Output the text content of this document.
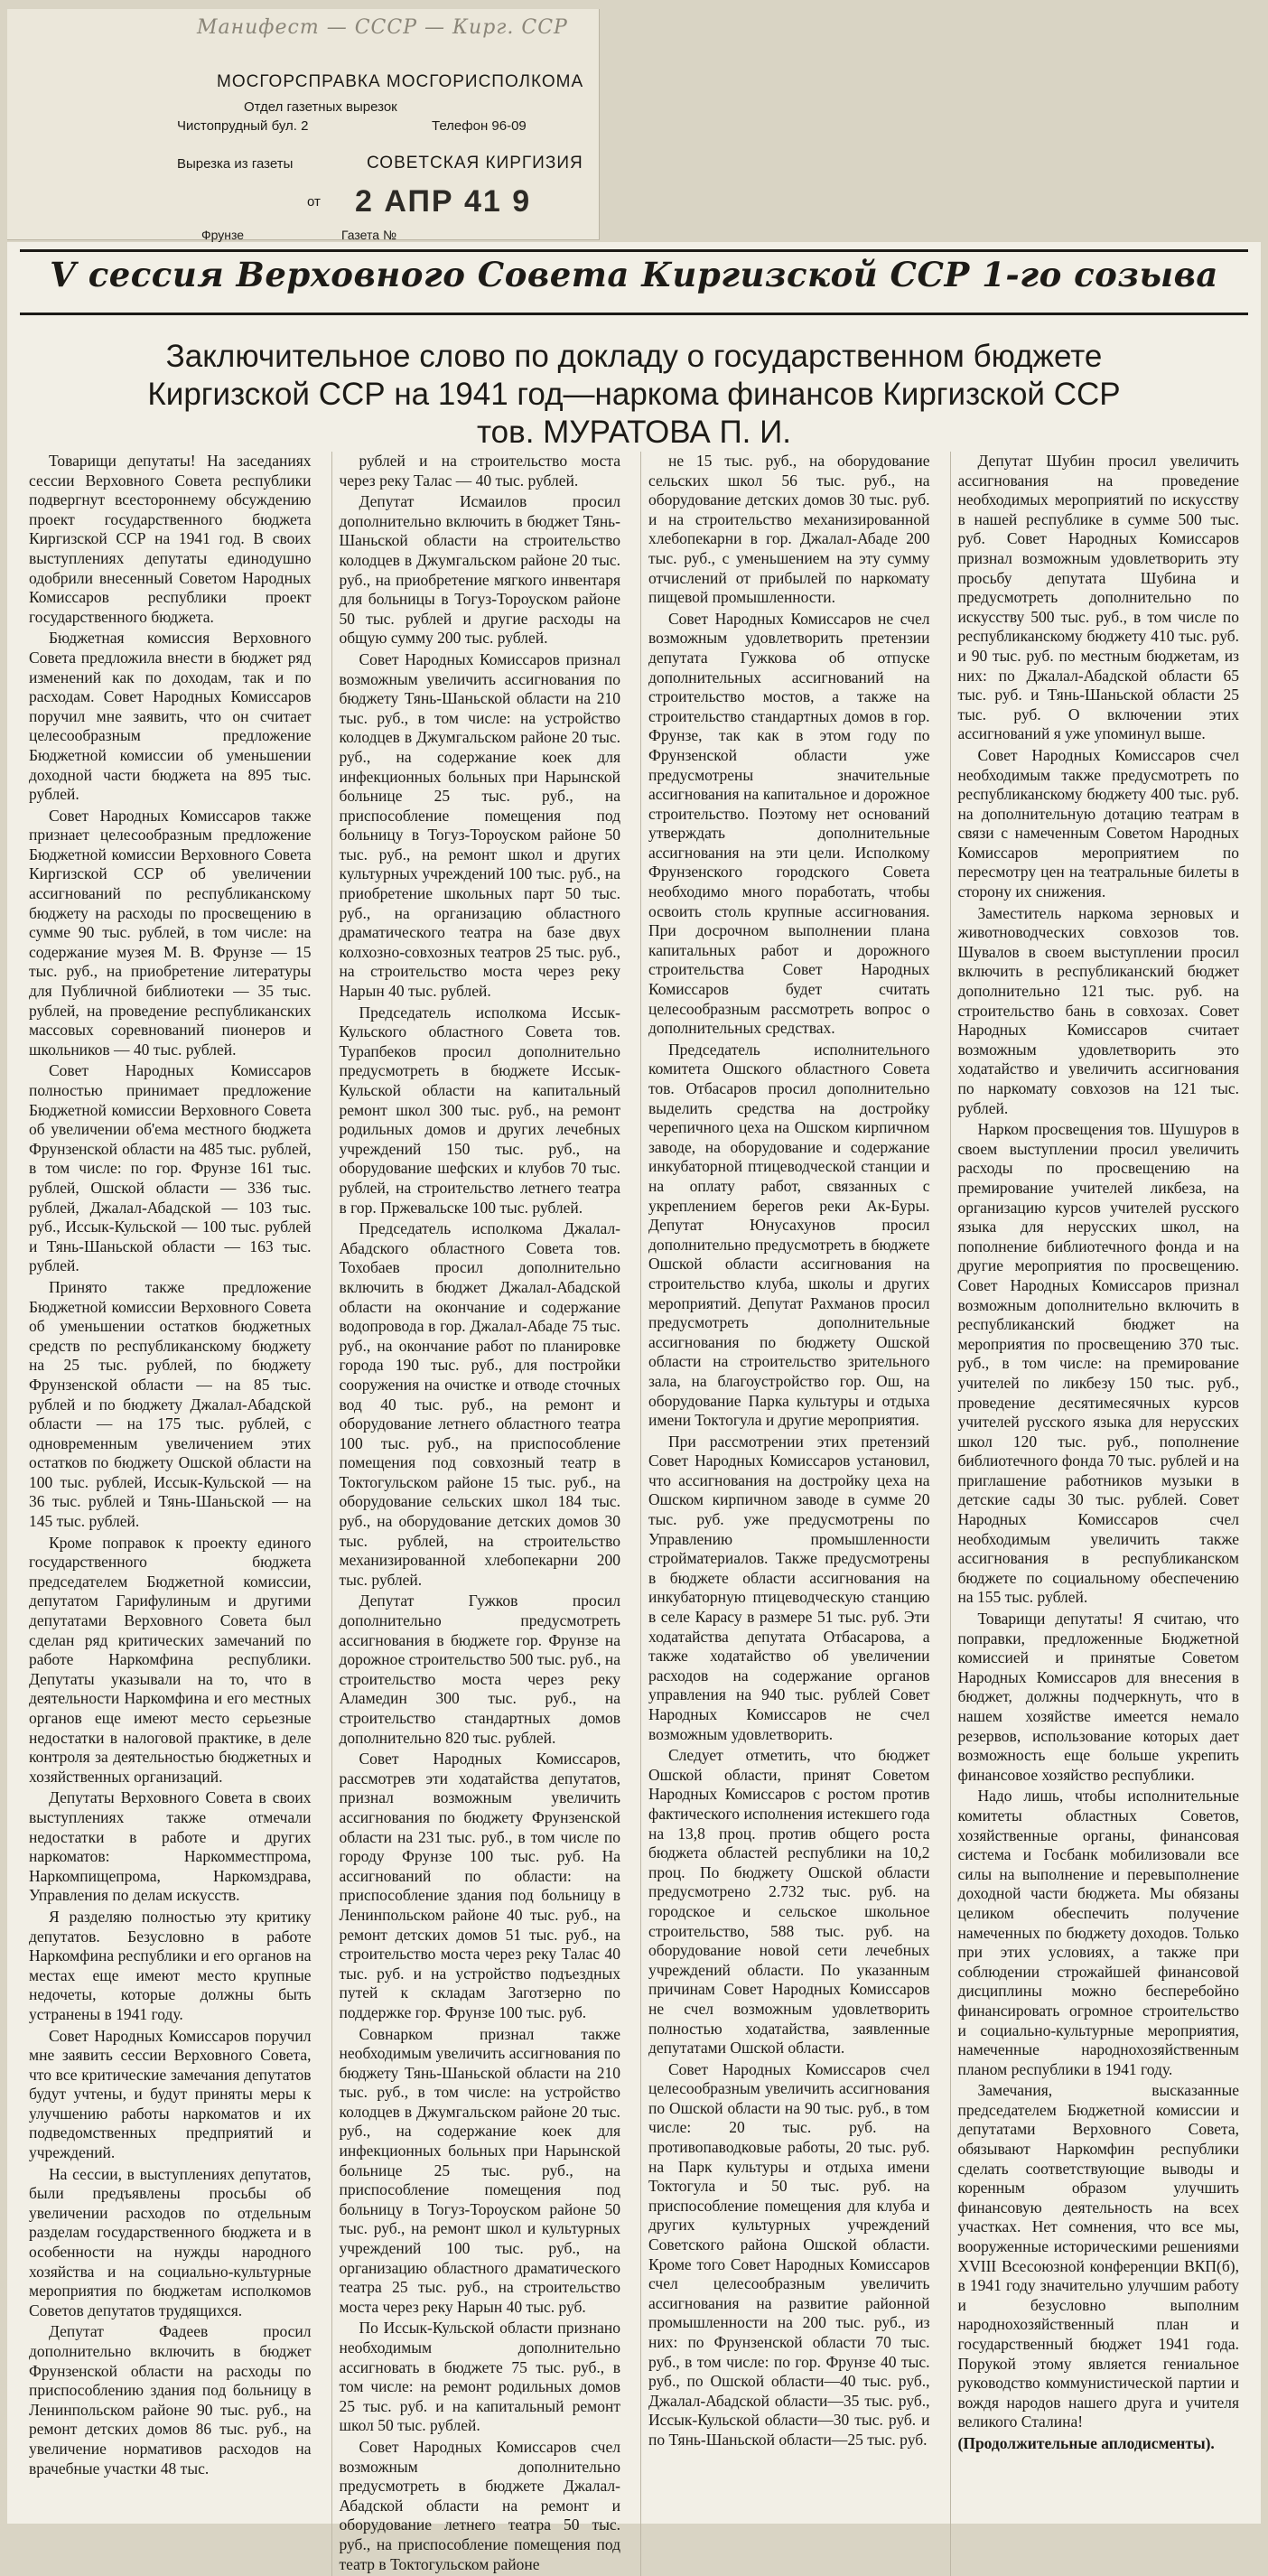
Манифест — СССР — Кирг. ССР
МОСГОРСПРАВКА МОСГОРИСПОЛКОМА
Отдел газетных вырезок
Чистопрудный бул. 2	Телефон 96-09
Вырезка из газеты	СОВЕТСКАЯ КИРГИЗИЯ
от 2 АПР 41 9
Фрунзе	Газета №
V сессия Верховного Совета Киргизской ССР 1-го созыва
Заключительное слово по докладу о государственном бюджете
Киргизской ССР на 1941 год—наркома финансов Киргизской ССР
тов. МУРАТОВА П. И.

Товарищи депутаты! На заседаниях сессии Верховного Совета республики подвергнут всестороннему обсуждению проект государственного бюджета Киргизской ССР на 1941 год. В своих выступлениях депутаты единодушно одобрили внесенный Советом Народных Комиссаров республики проект государственного бюджета.

Бюджетная комиссия Верховного Совета предложила внести в бюджет ряд изменений как по доходам, так и по расходам. Совет Народных Комиссаров поручил мне заявить, что он считает целесообразным предложение Бюджетной комиссии об уменьшении доходной части бюджета на 895 тыс. рублей.

Совет Народных Комиссаров также признает целесообразным предложение Бюджетной комиссии Верховного Совета Киргизской ССР об увеличении ассигнований по республиканскому бюджету на расходы по просвещению в сумме 90 тыс. рублей, в том числе: на содержание музея М. В. Фрунзе — 15 тыс. руб., на приобретение литературы для Публичной библиотеки — 35 тыс. рублей, на проведение республиканских массовых соревнований пионеров и школьников — 40 тыс. рублей.

Совет Народных Комиссаров полностью принимает предложение Бюджетной комиссии Верховного Совета об увеличении об'ема местного бюджета Фрунзенской области на 485 тыс. рублей, в том числе: по гор. Фрунзе 161 тыс. рублей, Ошской области — 336 тыс. рублей, Джалал-Абадской — 103 тыс. руб., Иссык-Кульской — 100 тыс. рублей и Тянь-Шаньской области — 163 тыс. рублей.

Принято также предложение Бюджетной комиссии Верховного Совета об уменьшении остатков бюджетных средств по республиканскому бюджету на 25 тыс. рублей, по бюджету Фрунзенской области — на 85 тыс. рублей и по бюджету Джалал-Абадской области — на 175 тыс. рублей, с одновременным увеличением этих остатков по бюджету Ошской области на 100 тыс. рублей, Иссык-Кульской — на 36 тыс. рублей и Тянь-Шаньской — на 145 тыс. рублей.

Кроме поправок к проекту единого государственного бюджета председателем Бюджетной комиссии, депутатом Гарифулиным и другими депутатами Верховного Совета был сделан ряд критических замечаний по работе Наркомфина республики. Депутаты указывали на то, что в деятельности Наркомфина и его местных органов еще имеют место серьезные недостатки в налоговой практике, в деле контроля за деятельностью бюджетных и хозяйственных организаций.

Депутаты Верховного Совета в своих выступлениях также отмечали недостатки в работе и других наркоматов: Наркомместпрома, Наркомпищепрома, Наркомздрава, Управления по делам искусств.

Я разделяю полностью эту критику депутатов. Безусловно в работе Наркомфина республики и его органов на местах еще имеют место крупные недочеты, которые должны быть устранены в 1941 году.

Совет Народных Комиссаров поручил мне заявить сессии Верховного Совета, что все критические замечания депутатов будут учтены, и будут приняты меры к улучшению работы наркоматов и их подведомственных предприятий и учреждений.

На сессии, в выступлениях депутатов, были предъявлены просьбы об увеличении расходов по отдельным разделам государственного бюджета и в особенности на нужды народного хозяйства и на социально-культурные мероприятия по бюджетам исполкомов Советов депутатов трудящихся.

Депутат Фадеев просил дополнительно включить в бюджет Фрунзенской области на расходы по приспособлению здания под больницу в Ленинпольском районе 90 тыс. руб., на ремонт детских домов 86 тыс. руб., на увеличение нормативов расходов на врачебные участки 48 тыс.

рублей и на строительство моста через реку Талас — 40 тыс. рублей.

Депутат Исмаилов просил дополнительно включить в бюджет Тянь-Шаньской области на строительство колодцев в Джумгальском районе 20 тыс. руб., на приобретение мягкого инвентаря для больницы в Тогуз-Тороуском районе 50 тыс. рублей и другие расходы на общую сумму 200 тыс. рублей.

Совет Народных Комиссаров признал возможным увеличить ассигнования по бюджету Тянь-Шаньской области на 210 тыс. руб., в том числе: на устройство колодцев в Джумгальском районе 20 тыс. руб., на содержание коек для инфекционных больных при Нарынской больнице 25 тыс. руб., на приспособление помещения под больницу в Тогуз-Тороуском районе 50 тыс. руб., на ремонт школ и других культурных учреждений 100 тыс. руб., на приобретение школьных парт 50 тыс. руб., на организацию областного драматического театра на базе двух колхозно-совхозных театров 25 тыс. руб., на строительство моста через реку Нарын 40 тыс. рублей.

Председатель исполкома Иссык-Кульского областного Совета тов. Турапбеков просил дополнительно предусмотреть в бюджете Иссык-Кульской области на капитальный ремонт школ 300 тыс. руб., на ремонт родильных домов и других лечебных учреждений 150 тыс. руб., на оборудование шефских и клубов 70 тыс. рублей, на строительство летнего театра в гор. Пржевальске 100 тыс. рублей.

Председатель исполкома Джалал-Абадского областного Совета тов. Тохобаев просил дополнительно включить в бюджет Джалал-Абадской области на окончание и содержание водопровода в гор. Джалал-Абаде 75 тыс. руб., на окончание работ по планировке города 190 тыс. руб., для постройки сооружения на очистке и отводе сточных вод 40 тыс. руб., на ремонт и оборудование летнего областного театра 100 тыс. руб., на приспособление помещения под совхозный театр в Токтогульском районе 15 тыс. руб., на оборудование сельских школ 184 тыс. руб., на оборудование детских домов 30 тыс. рублей, на строительство механизированной хлебопекарни 200 тыс. рублей.

Депутат Гужков просил дополнительно предусмотреть ассигнования в бюджете гор. Фрунзе на дорожное строительство 500 тыс. руб., на строительство моста через реку Аламедин 300 тыс. руб., на строительство стандартных домов дополнительно 820 тыс. рублей.

Совет Народных Комиссаров, рассмотрев эти ходатайства депутатов, признал возможным увеличить ассигнования по бюджету Фрунзенской области на 231 тыс. руб., в том числе по городу Фрунзе 100 тыс. руб. На ассигнований по области: на приспособление здания под больницу в Ленинпольском районе 40 тыс. руб., на ремонт детских домов 51 тыс. руб., на строительство моста через реку Талас 40 тыс. руб. и на устройство подъездных путей к складам Заготзерно по поддержке гор. Фрунзе 100 тыс. руб.

Совнарком признал также необходимым увеличить ассигнования по бюджету Тянь-Шаньской области на 210 тыс. руб., в том числе: на устройство колодцев в Джумгальском районе 20 тыс. руб., на содержание коек для инфекционных больных при Нарынской больнице 25 тыс. руб., на приспособление помещения под больницу в Тогуз-Тороуском районе 50 тыс. руб., на ремонт школ и культурных учреждений 100 тыс. руб., на организацию областного драматического театра 25 тыс. руб., на строительство моста через реку Нарын 40 тыс. руб.

По Иссык-Кульской области признано необходимым дополнительно ассигновать в бюджете 75 тыс. руб., в том числе: на ремонт родильных домов 25 тыс. руб. и на капитальный ремонт школ 50 тыс. рублей.

Совет Народных Комиссаров счел возможным дополнительно предусмотреть в бюджете Джалал-Абадской области на ремонт и оборудование летнего театра 50 тыс. руб., на приспособление помещения под театр в Токтогульском районе

не 15 тыс. руб., на оборудование сельских школ 56 тыс. руб., на оборудование детских домов 30 тыс. руб. и на строительство механизированной хлебопекарни в гор. Джалал-Абаде 200 тыс. руб., с уменьшением на эту сумму отчислений от прибылей по наркомату пищевой промышленности.

Совет Народных Комиссаров не счел возможным удовлетворить претензии депутата Гужкова об отпуске дополнительных ассигнований на строительство мостов, а также на строительство стандартных домов в гор. Фрунзе, так как в этом году по Фрунзенской области уже предусмотрены значительные ассигнования на капитальное и дорожное строительство. Поэтому нет оснований утверждать дополнительные ассигнования на эти цели. Исполкому Фрунзенского городского Совета необходимо много поработать, чтобы освоить столь крупные ассигнования. При досрочном выполнении плана капитальных работ и дорожного строительства Совет Народных Комиссаров будет считать целесообразным рассмотреть вопрос о дополнительных средствах.

Председатель исполнительного комитета Ошского областного Совета тов. Отбасаров просил дополнительно выделить средства на достройку черепичного цеха на Ошском кирпичном заводе, на оборудование и содержание инкубаторной птицеводческой станции и на оплату работ, связанных с укреплением берегов реки Ак-Буры. Депутат Юнусахунов просил дополнительно предусмотреть в бюджете Ошской области ассигнования на строительство клуба, школы и других мероприятий. Депутат Рахманов просил предусмотреть дополнительные ассигнования по бюджету Ошской области на строительство зрительного зала, на благоустройство гор. Ош, на оборудование Парка культуры и отдыха имени Токтогула и другие мероприятия.

При рассмотрении этих претензий Совет Народных Комиссаров установил, что ассигнования на достройку цеха на Ошском кирпичном заводе в сумме 20 тыс. руб. уже предусмотрены по Управлению промышленности стройматериалов. Также предусмотрены в бюджете области ассигнования на инкубаторную птицеводческую станцию в селе Карасу в размере 51 тыс. руб. Эти ходатайства депутата Отбасарова, а также ходатайство об увеличении расходов на содержание органов управления на 940 тыс. рублей Совет Народных Комиссаров не счел возможным удовлетворить.

Следует отметить, что бюджет Ошской области, принят Советом Народных Комиссаров с ростом против фактического исполнения истекшего года на 13,8 проц. против общего роста бюджета областей республики на 10,2 проц. По бюджету Ошской области предусмотрено 2.732 тыс. руб. на городское и сельское школьное строительство, 588 тыс. руб. на оборудование новой сети лечебных учреждений области. По указанным причинам Совет Народных Комиссаров не счел возможным удовлетворить полностью ходатайства, заявленные депутатами Ошской области.

Совет Народных Комиссаров счел целесообразным увеличить ассигнования по Ошской области на 90 тыс. руб., в том числе: 20 тыс. руб. на противопаводковые работы, 20 тыс. руб. на Парк культуры и отдыха имени Токтогула и 50 тыс. руб. на приспособление помещения для клуба и других культурных учреждений Советского района Ошской области. Кроме того Совет Народных Комиссаров счел целесообразным увеличить ассигнования на развитие районной промышленности на 200 тыс. руб., из них: по Фрунзенской области 70 тыс. руб., в том числе: по гор. Фрунзе 40 тыс. руб., по Ошской области—40 тыс. руб., Джалал-Абадской области—35 тыс. руб., Иссык-Кульской области—30 тыс. руб. и по Тянь-Шаньской области—25 тыс. руб.

Депутат Шубин просил увеличить ассигнования на проведение необходимых мероприятий по искусству в нашей республике в сумме 500 тыс. руб. Совет Народных Комиссаров признал возможным удовлетворить эту просьбу депутата Шубина и предусмотреть дополнительно по искусству 500 тыс. руб., в том числе по республиканскому бюджету 410 тыс. руб. и 90 тыс. руб. по местным бюджетам, из них: по Джалал-Абадской области 65 тыс. руб. и Тянь-Шаньской области 25 тыс. руб. О включении этих ассигнований я уже упоминул выше.

Совет Народных Комиссаров счел необходимым также предусмотреть по республиканскому бюджету 400 тыс. руб. на дополнительную дотацию театрам в связи с намеченным Советом Народных Комиссаров мероприятием по пересмотру цен на театральные билеты в сторону их снижения.

Заместитель наркома зерновых и животноводческих совхозов тов. Шувалов в своем выступлении просил включить в республиканский бюджет дополнительно 121 тыс. руб. на строительство бань в совхозах. Совет Народных Комиссаров считает возможным удовлетворить это ходатайство и увеличить ассигнования по наркомату совхозов на 121 тыс. рублей.

Нарком просвещения тов. Шушуров в своем выступлении просил увеличить расходы по просвещению на премирование учителей ликбеза, на организацию курсов учителей русского языка для нерусских школ, на пополнение библиотечного фонда и на другие мероприятия по просвещению. Совет Народных Комиссаров признал возможным дополнительно включить в республиканский бюджет на мероприятия по просвещению 370 тыс. руб., в том числе: на премирование учителей по ликбезу 150 тыс. руб., проведение десятимесячных курсов учителей русского языка для нерусских школ 120 тыс. руб., пополнение библиотечного фонда 70 тыс. рублей и на приглашение работников музыки в детские сады 30 тыс. рублей. Совет Народных Комиссаров счел необходимым увеличить также ассигнования в республиканском бюджете по социальному обеспечению на 155 тыс. рублей.

Товарищи депутаты! Я считаю, что поправки, предложенные Бюджетной комиссией и принятые Советом Народных Комиссаров для внесения в бюджет, должны подчеркнуть, что в нашем хозяйстве имеется немало резервов, использование которых дает возможность еще больше укрепить финансовое хозяйство республики.

Надо лишь, чтобы исполнительные комитеты областных Советов, хозяйственные органы, финансовая система и Госбанк мобилизовали все силы на выполнение и перевыполнение доходной части бюджета. Мы обязаны целиком обеспечить получение намеченных по бюджету доходов. Только при этих условиях, а также при соблюдении строжайшей финансовой дисциплины можно бесперебойно финансировать огромное строительство и социально-культурные мероприятия, намеченные народнохозяйственным планом республики в 1941 году.

Замечания, высказанные председателем Бюджетной комиссии и депутатами Верховного Совета, обязывают Наркомфин республики сделать соответствующие выводы и коренным образом улучшить финансовую деятельность на всех участках. Нет сомнения, что все мы, вооруженные историческими решениями XVIII Всесоюзной конференции ВКП(б), в 1941 году значительно улучшим работу и безусловно выполним народнохозяйственный план и государственный бюджет 1941 года. Порукой этому является гениальное руководство коммунистической партии и вождя народов нашего друга и учителя великого Сталина!

(Продолжительные аплодисменты).
